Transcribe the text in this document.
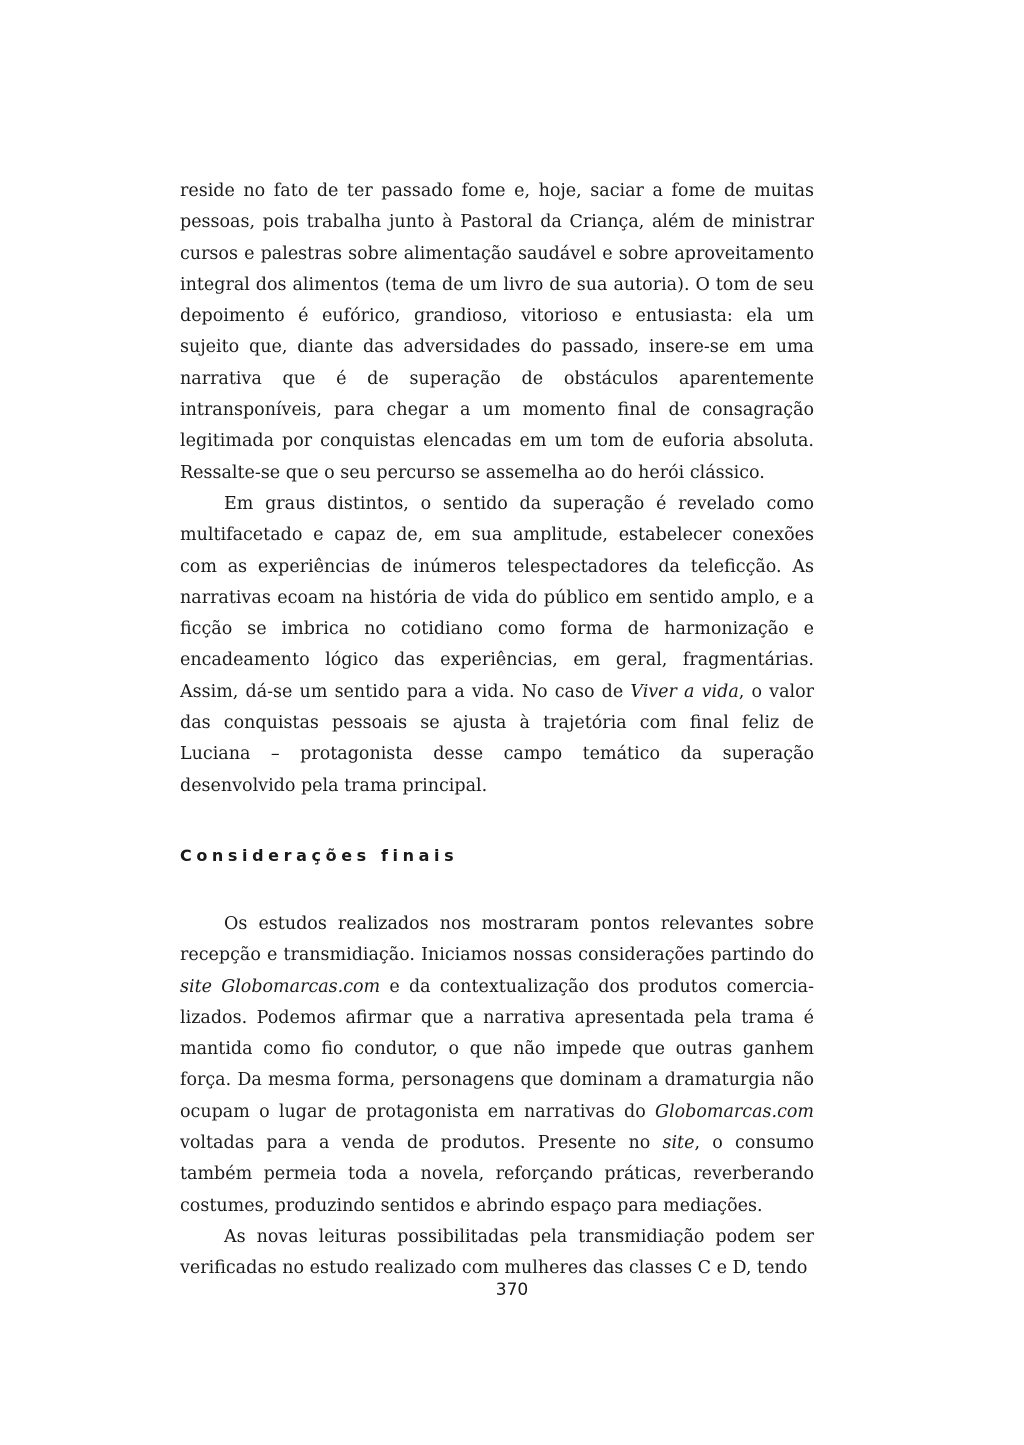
reside no fato de ter passado fome e, hoje, saciar a fome de muitas pessoas, pois trabalha junto à Pastoral da Criança, além de ministrar cursos e palestras sobre alimentação saudável e sobre aproveitamento integral dos alimentos (tema de um livro de sua autoria). O tom de seu depoimento é eufórico, grandioso, vitorioso e entusiasta: ela um sujeito que, diante das adversidades do passado, insere-se em uma narrativa que é de superação de obstáculos aparentemente intransponíveis, para chegar a um momento final de consagração legitimada por conquistas elencadas em um tom de euforia absoluta. Ressalte-se que o seu percurso se assemelha ao do herói clássico.

Em graus distintos, o sentido da superação é revelado como multifacetado e capaz de, em sua amplitude, estabelecer conexões com as experiências de inúmeros telespectadores da teleficção. As narrativas ecoam na história de vida do público em sentido amplo, e a ficção se imbrica no cotidiano como forma de harmonização e encadeamento lógico das experiências, em geral, fragmentárias. Assim, dá-se um sentido para a vida. No caso de Viver a vida, o valor das conquistas pessoais se ajusta à trajetória com final feliz de Luciana – protagonista desse campo temático da superação desenvolvido pela trama principal.

Considerações finais

Os estudos realizados nos mostraram pontos relevantes sobre recepção e transmidiação. Iniciamos nossas considerações partindo do site Globomarcas.com e da contextualização dos produtos comercia-lizados. Podemos afirmar que a narrativa apresentada pela trama é mantida como fio condutor, o que não impede que outras ganhem força. Da mesma forma, personagens que dominam a dramaturgia não ocupam o lugar de protagonista em narrativas do Globomarcas.com voltadas para a venda de produtos. Presente no site, o consumo também permeia toda a novela, reforçando práticas, reverberando costumes, produzindo sentidos e abrindo espaço para mediações.

As novas leituras possibilitadas pela transmidiação podem ser verificadas no estudo realizado com mulheres das classes C e D, tendo

370
